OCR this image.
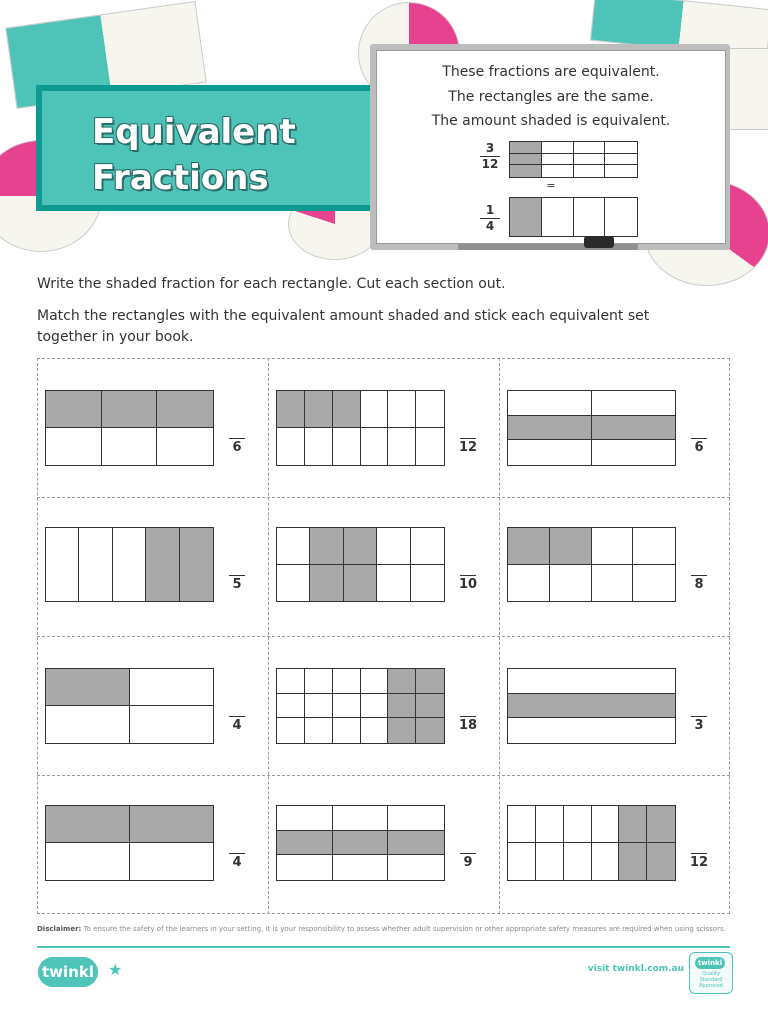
Equivalent
Fractions
These fractions are equivalent.
The rectangles are the same.
The amount shaded is equivalent.
$\frac{3}{12}$
=
$\frac{1}{4}$
Write the shaded fraction for each rectangle. Cut each section out.
Match the rectangles with the equivalent amount shaded and stick each equivalent set together in your book.
6	12	6
5	10	8
4	18	3
4	9	12
Disclaimer: To ensure the safety of the learners in your setting, it is your responsibility to assess whether adult supervision or other appropriate safety measures are required when using scissors.
twinkl ★	visit twinkl.com.au
twinkl
Quality Standard Approved
